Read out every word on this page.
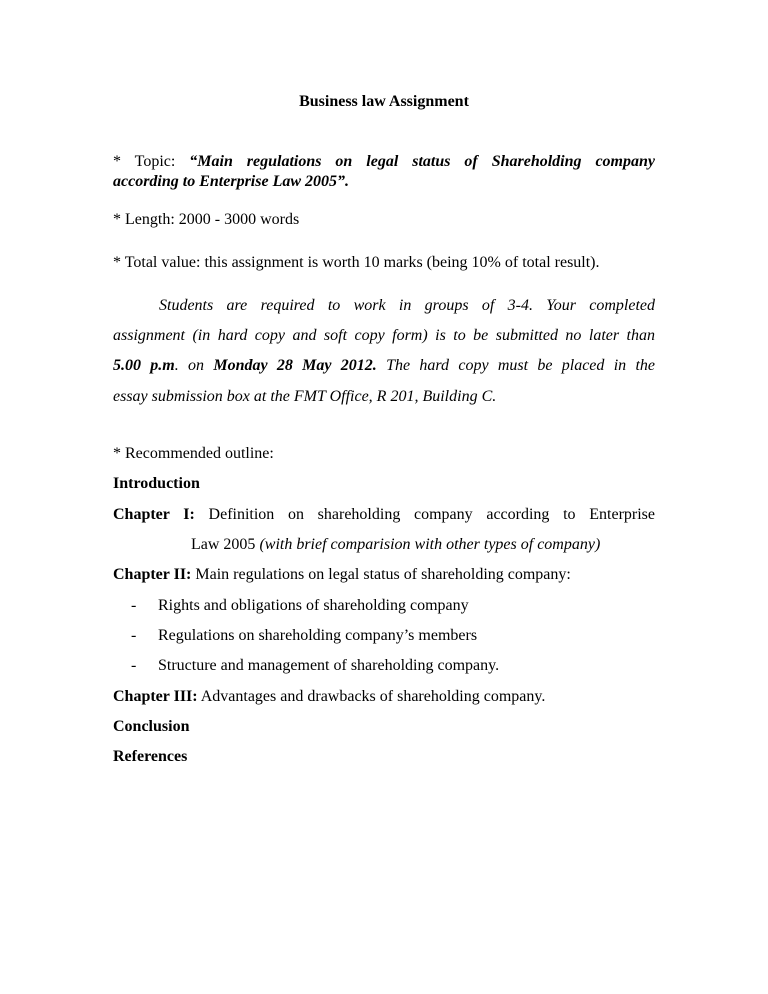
Business law Assignment
* Topic: “Main regulations on legal status of Shareholding company
according to Enterprise Law 2005”.
* Length: 2000 - 3000 words
* Total value: this assignment is worth 10 marks (being 10% of total result).
Students are required to work in groups of 3-4. Your completed
assignment (in hard copy and soft copy form) is to be submitted no later than
5.00 p.m. on Monday 28 May 2012. The hard copy must be placed in the
essay submission box at the FMT Office, R 201, Building C.
* Recommended outline:
Introduction
Chapter I: Definition on shareholding company according to Enterprise
Law 2005 (with brief comparision with other types of company)
Chapter II: Main regulations on legal status of shareholding company:
- Rights and obligations of shareholding company
- Regulations on shareholding company’s members
- Structure and management of shareholding company.
Chapter III: Advantages and drawbacks of shareholding company.
Conclusion
References
